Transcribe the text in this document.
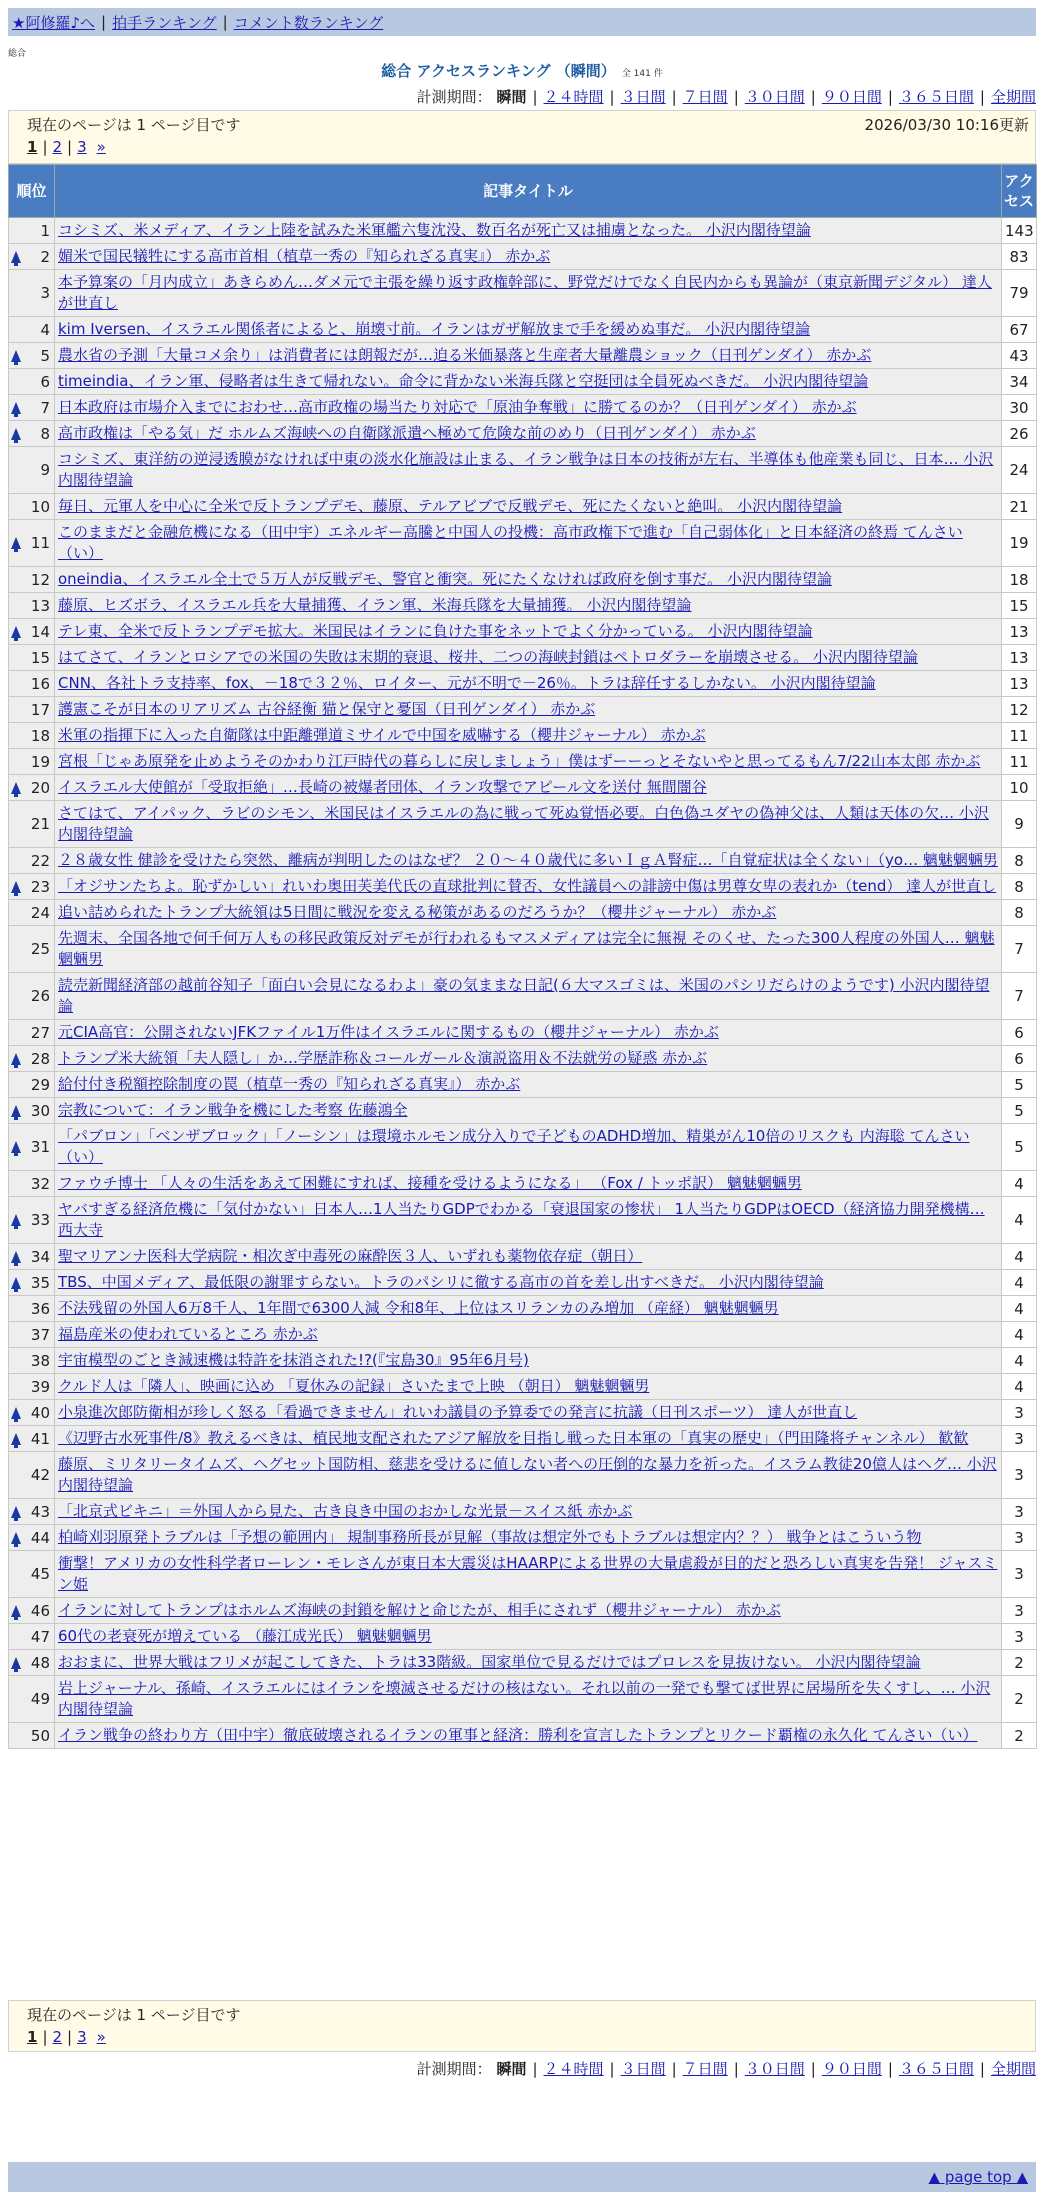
★阿修羅♪へ | 拍手ランキング | コメント数ランキング
総合
総合 アクセスランキング （瞬間） 全 141 件
計測期間： 瞬間 | ２４時間 | ３日間 | ７日間 | ３０日間 | ９０日間 | ３６５日間 | 全期間
現在のページは 1 ページ目です	2026/03/30 10:16更新
1 | 2 | 3 »
順位	記事タイトル	アクセス
1	コシミズ、米メディア、イラン上陸を試みた米軍艦六隻沈没、数百名が死亡又は捕虜となった。 小沢内閣待望論	143

2	媚米で国民犠牲にする高市首相（植草一秀の『知られざる真実』） 赤かぶ	83
3	本予算案の「月内成立」あきらめん…ダメ元で主張を繰り返す政権幹部に、野党だけでなく自民内からも異論が（東京新聞デジタル） 達人が世直し	79
4	kim Iversen、イスラエル関係者によると、崩壊寸前。イランはガザ解放まで手を緩めぬ事だ。 小沢内閣待望論	67

5	農水省の予測「大量コメ余り」は消費者には朗報だが…迫る米価暴落と生産者大量離農ショック（日刊ゲンダイ） 赤かぶ	43
6	timeindia、イラン軍、侵略者は生きて帰れない。命令に背かない米海兵隊と空挺団は全員死ぬべきだ。 小沢内閣待望論	34

7	日本政府は市場介入までにおわせ…高市政権の場当たり対応で「原油争奪戦」に勝てるのか？（日刊ゲンダイ） 赤かぶ	30

8	高市政権は「やる気」だ ホルムズ海峡への自衛隊派遣へ極めて危険な前のめり（日刊ゲンダイ） 赤かぶ	26
9	コシミズ、東洋紡の逆浸透膜がなければ中東の淡水化施設は止まる、イラン戦争は日本の技術が左右、半導体も他産業も同じ、日本… 小沢内閣待望論	24
10	毎日、元軍人を中心に全米で反トランプデモ、藤原、テルアビブで反戦デモ、死にたくないと絶叫。 小沢内閣待望論	21

11	このままだと金融危機になる（田中宇）エネルギー高騰と中国人の投機：高市政権下で進む「自己弱体化」と日本経済の終焉 てんさい（い）	19
12	oneindia、イスラエル全土で５万人が反戦デモ、警官と衝突。死にたくなければ政府を倒す事だ。 小沢内閣待望論	18
13	藤原、ヒズボラ、イスラエル兵を大量捕獲、イラン軍、米海兵隊を大量捕獲。 小沢内閣待望論	15

14	テレ東、全米で反トランプデモ拡大。米国民はイランに負けた事をネットでよく分かっている。 小沢内閣待望論	13
15	はてさて、イランとロシアでの米国の失敗は末期的衰退、桜井、二つの海峡封鎖はペトロダラーを崩壊させる。 小沢内閣待望論	13
16	CNN、各社トラ支持率、fox、－18で３２％、ロイター、元が不明で－26％。トラは辞任するしかない。 小沢内閣待望論	13
17	護憲こそが日本のリアリズム 古谷経衡 猫と保守と憂国（日刊ゲンダイ） 赤かぶ	12
18	米軍の指揮下に入った自衛隊は中距離弾道ミサイルで中国を威嚇する（櫻井ジャーナル） 赤かぶ	11
19	宮根「じゃあ原発を止めようそのかわり江戸時代の暮らしに戻しましょう」僕はずーーっとそないやと思ってるもん7/22山本太郎 赤かぶ	11

20	イスラエル大使館が「受取拒絶」…長崎の被爆者団体、イラン攻撃でアピール文を送付 無間闇谷	10
21	さてはて、アイパック、ラビのシモン、米国民はイスラエルの為に戦って死ぬ覚悟必要。白色偽ユダヤの偽神父は、人類は天体の欠… 小沢内閣待望論	9
22	２８歳女性 健診を受けたら突然、離病が判明したのはなぜ？ ２０～４０歳代に多いＩｇＡ腎症…「自覚症状は全くない」（yo… 魑魅魍魎男	8

23	「オジサンたちよ。恥ずかしい」れいわ奥田芙美代氏の直球批判に賛否、女性議員への誹謗中傷は男尊女卑の表れか（tend） 達人が世直し	8
24	追い詰められたトランプ大統領は5日間に戦況を変える秘策があるのだろうか？（櫻井ジャーナル） 赤かぶ	8
25	先週末、全国各地で何千何万人もの移民政策反対デモが行われるもマスメディアは完全に無視 そのくせ、たった300人程度の外国人… 魑魅魍魎男	7
26	読売新聞経済部の越前谷知子「面白い会見になるわよ」豪の気ままな日記(６大マスゴミは、米国のパシリだらけのようです) 小沢内閣待望論	7
27	元CIA高官：公開されないJFKファイル1万件はイスラエルに関するもの（櫻井ジャーナル） 赤かぶ	6

28	トランプ米大統領「夫人隠し」か…学歴詐称＆コールガール＆演説盗用＆不法就労の疑惑 赤かぶ	6
29	給付付き税額控除制度の罠（植草一秀の『知られざる真実』） 赤かぶ	5

30	宗教について：イラン戦争を機にした考察 佐藤鴻全	5

31	「パブロン」「ベンザブロック」「ノーシン」は環境ホルモン成分入りで子どものADHD増加、精巣がん10倍のリスクも 内海聡 てんさい（い）	5
32	ファウチ博士 「人々の生活をあえて困難にすれば、接種を受けるようになる」 （Fox / トッポ訳） 魑魅魍魎男	4

33	ヤバすぎる経済危機に「気付かない」日本人…1人当たりGDPでわかる「衰退国家の惨状」 1人当たりGDPはOECD（経済協力開発機構… 西大寺	4

34	聖マリアンナ医科大学病院・相次ぎ中毒死の麻酔医３人、いずれも薬物依存症（朝日）	4

35	TBS、中国メディア、最低限の謝罪すらない。トラのパシリに徹する高市の首を差し出すべきだ。 小沢内閣待望論	4
36	不法残留の外国人6万8千人、1年間で6300人減 令和8年、上位はスリランカのみ増加 （産経） 魑魅魍魎男	4
37	福島産米の使われているところ 赤かぶ	4
38	宇宙模型のごとき減速機は特許を抹消された!?(『宝島30』95年6月号)	4
39	クルド人は「隣人」、映画に込め 「夏休みの記録」さいたまで上映 （朝日） 魑魅魍魎男	4

40	小泉進次郎防衛相が珍しく怒る「看過できません」れいわ議員の予算委での発言に抗議（日刊スポーツ） 達人が世直し	3

41	《辺野古水死事件/8》教えるべきは、植民地支配されたアジア解放を目指し戦った日本軍の「真実の歴史」（門田隆将チャンネル） 歓歓	3
42	藤原、ミリタリータイムズ、ヘグセット国防相、慈悲を受けるに値しない者への圧倒的な暴力を祈った。イスラム教徒20億人はヘグ… 小沢内閣待望論	3

43	「北京式ビキニ」＝外国人から見た、古き良き中国のおかしな光景－スイス紙 赤かぶ	3

44	柏崎刈羽原発トラブルは「予想の範囲内」 規制事務所長が見解（事故は想定外でもトラブルは想定内？？） 戦争とはこういう物	3
45	衝撃！アメリカの女性科学者ローレン・モレさんが東日本大震災はHAARPによる世界の大量虐殺が目的だと恐ろしい真実を告発！ ジャスミン姫	3

46	イランに対してトランプはホルムズ海峡の封鎖を解けと命じたが、相手にされず（櫻井ジャーナル） 赤かぶ	3
47	60代の老衰死が増えている （藤江成光氏） 魑魅魍魎男	3

48	おおまに、世界大戦はフリメが起こしてきた、トラは33階級。国家単位で見るだけではプロレスを見抜けない。 小沢内閣待望論	2
49	岩上ジャーナル、孫崎、イスラエルにはイランを壊滅させるだけの核はない。それ以前の一発でも撃てば世界に居場所を失くすし、… 小沢内閣待望論	2
50	イラン戦争の終わり方（田中宇）徹底破壊されるイランの軍事と経済：勝利を宣言したトランプとリクード覇権の永久化 てんさい（い）	2
現在のページは 1 ページ目です
1 | 2 | 3 »
計測期間： 瞬間 | ２４時間 | ３日間 | ７日間 | ３０日間 | ９０日間 | ３６５日間 | 全期間
▲ page top ▲
